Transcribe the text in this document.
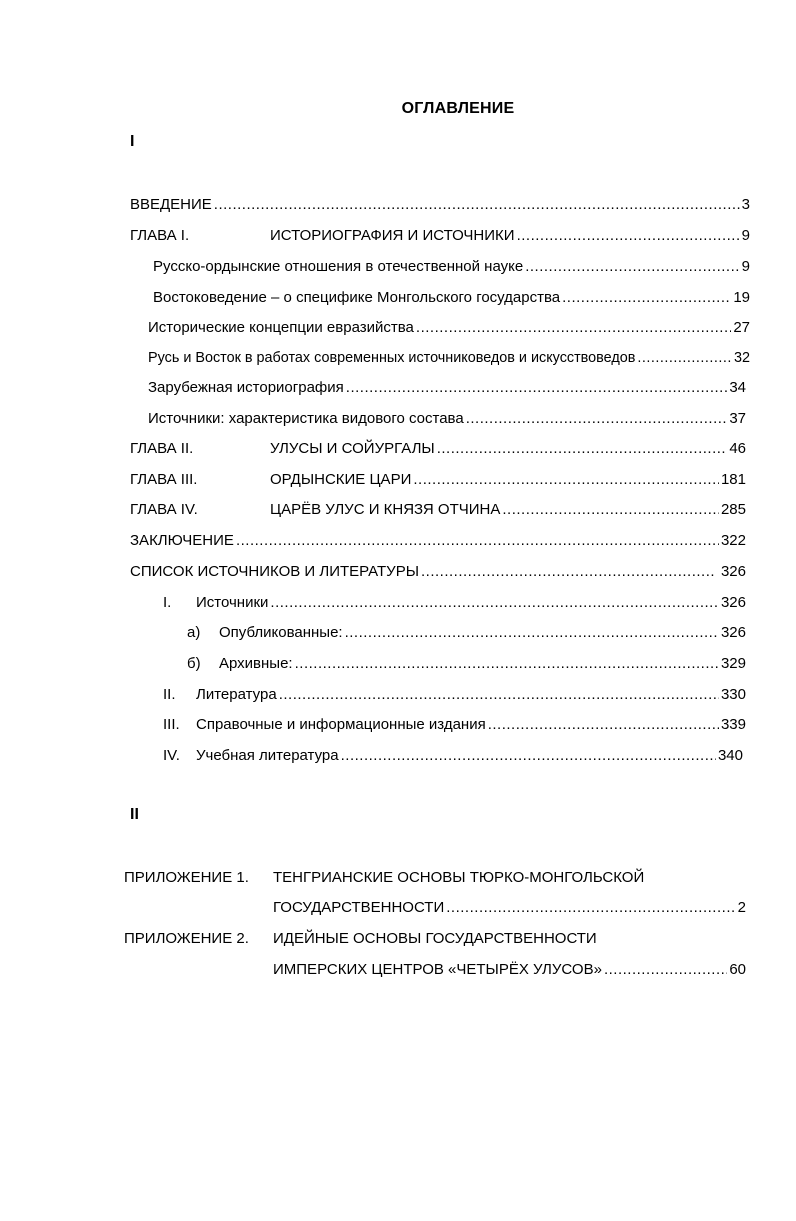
ОГЛАВЛЕНИЕ
I
ВВЕДЕНИЕ .....	3
ГЛАВА I.	ИСТОРИОГРАФИЯ И ИСТОЧНИКИ .....	9
Русско-ордынские отношения в отечественной науке .....	9
Востоковедение – о специфике Монгольского государства .....	19
Исторические концепции евразийства .....	27
Русь и Восток в работах современных источниковедов и искусствоведов .....	32
Зарубежная историография .....	34
Источники: характеристика видового состава .....	37
ГЛАВА II.	УЛУСЫ И СОЙУРГАЛЫ .....	46
ГЛАВА III.	ОРДЫНСКИЕ ЦАРИ .....	181
ГЛАВА IV.	ЦАРЁВ УЛУС И КНЯЗЯ ОТЧИНА .....	285
ЗАКЛЮЧЕНИЕ .....	322
СПИСОК ИСТОЧНИКОВ И ЛИТЕРАТУРЫ .....	326
I.	Источники .....	326
а)	Опубликованные: .....	326
б)	Архивные: .....	329
II.	Литература .....	330
III.	Справочные и информационные издания .....	339
IV.	Учебная литература .....	340
II
ПРИЛОЖЕНИЕ 1. ТЕНГРИАНСКИЕ ОСНОВЫ ТЮРКО-МОНГОЛЬСКОЙ
ГОСУДАРСТВЕННОСТИ .....	2
ПРИЛОЖЕНИЕ 2. ИДЕЙНЫЕ ОСНОВЫ ГОСУДАРСТВЕННОСТИ
ИМПЕРСКИХ ЦЕНТРОВ «ЧЕТЫРЁХ УЛУСОВ» .....	60
